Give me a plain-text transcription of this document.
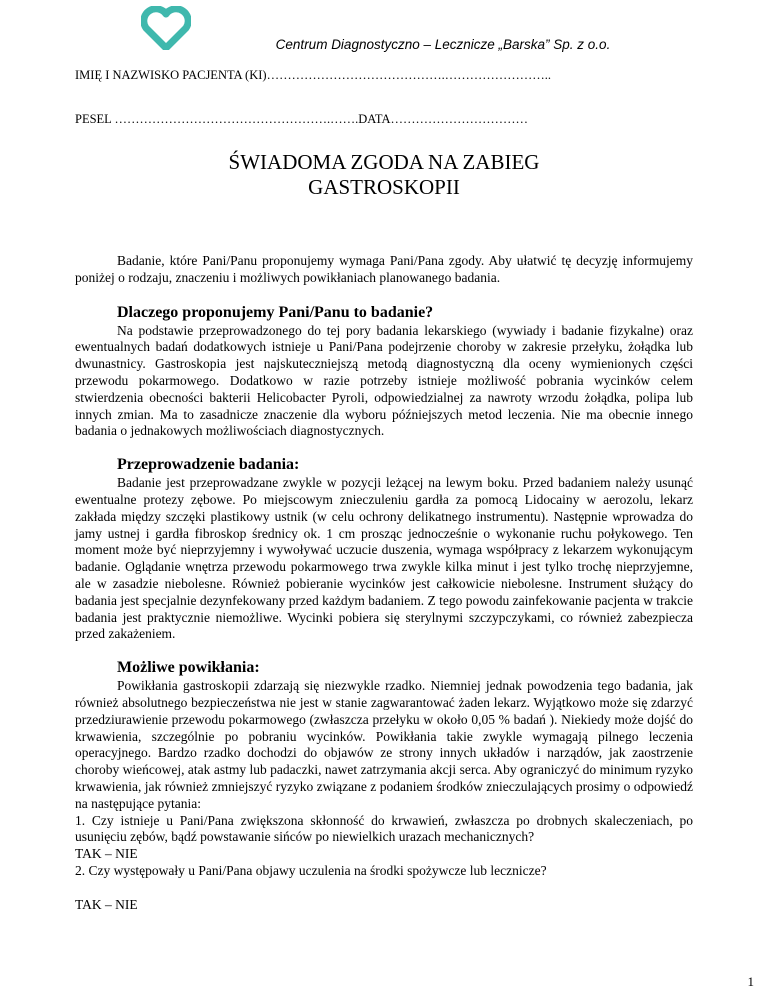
Centrum Diagnostyczno – Lecznicze „Barska” Sp. z o.o.
IMIĘ I NAZWISKO PACJENTA (KI)…………………………………….……………………..
PESEL …………………………………………….…….DATA……………………………
ŚWIADOMA ZGODA NA ZABIEG
GASTROSKOPII

Badanie, które Pani/Panu proponujemy wymaga Pani/Pana zgody. Aby ułatwić tę decyzję informujemy poniżej o rodzaju, znaczeniu i możliwych powikłaniach planowanego badania.

Dlaczego proponujemy Pani/Panu to badanie?

Na podstawie przeprowadzonego do tej pory badania lekarskiego (wywiady i badanie fizykalne) oraz ewentualnych badań dodatkowych istnieje u Pani/Pana podejrzenie choroby w zakresie przełyku, żołądka lub dwunastnicy. Gastroskopia jest najskuteczniejszą metodą diagnostyczną dla oceny wymienionych części przewodu pokarmowego. Dodatkowo w razie potrzeby istnieje możliwość pobrania wycinków celem stwierdzenia obecności bakterii Helicobacter Pyroli, odpowiedzialnej za nawroty wrzodu żołądka, polipa lub innych zmian. Ma to zasadnicze znaczenie dla wyboru późniejszych metod leczenia. Nie ma obecnie innego badania o jednakowych możliwościach diagnostycznych.

Przeprowadzenie badania:

Badanie jest przeprowadzane zwykle w pozycji leżącej na lewym boku. Przed badaniem należy usunąć ewentualne protezy zębowe. Po miejscowym znieczuleniu gardła za pomocą Lidocainy w aerozolu, lekarz zakłada między szczęki plastikowy ustnik (w celu ochrony delikatnego instrumentu). Następnie wprowadza do jamy ustnej i gardła fibroskop średnicy ok. 1 cm prosząc jednocześnie o wykonanie ruchu połykowego. Ten moment może być nieprzyjemny i wywoływać uczucie duszenia, wymaga współpracy z lekarzem wykonującym badanie. Oglądanie wnętrza przewodu pokarmowego trwa zwykle kilka minut i jest tylko trochę nieprzyjemne, ale w zasadzie niebolesne. Również pobieranie wycinków jest całkowicie niebolesne. Instrument służący do badania jest specjalnie dezynfekowany przed każdym badaniem. Z tego powodu zainfekowanie pacjenta w trakcie badania jest praktycznie niemożliwe. Wycinki pobiera się sterylnymi szczypczykami, co również zabezpiecza przed zakażeniem.

Możliwe powikłania:

Powikłania gastroskopii zdarzają się niezwykle rzadko. Niemniej jednak powodzenia tego badania, jak również absolutnego bezpieczeństwa nie jest w stanie zagwarantować żaden lekarz. Wyjątkowo może się zdarzyć przedziurawienie przewodu pokarmowego (zwłaszcza przełyku w około 0,05 % badań ). Niekiedy może dojść do krwawienia, szczególnie po pobraniu wycinków. Powikłania takie zwykle wymagają pilnego leczenia operacyjnego. Bardzo rzadko dochodzi do objawów ze strony innych układów i narządów, jak zaostrzenie choroby wieńcowej, atak astmy lub padaczki, nawet zatrzymania akcji serca. Aby ograniczyć do minimum ryzyko krwawienia, jak również zmniejszyć ryzyko związane z podaniem środków znieczulających prosimy o odpowiedź na następujące pytania:

1. Czy istnieje u Pani/Pana zwiększona skłonność do krwawień, zwłaszcza po drobnych skaleczeniach, po usunięciu zębów, bądź powstawanie sińców po niewielkich urazach mechanicznych?

TAK – NIE

2. Czy występowały u Pani/Pana objawy uczulenia na środki spożywcze lub lecznicze?

TAK – NIE

1
